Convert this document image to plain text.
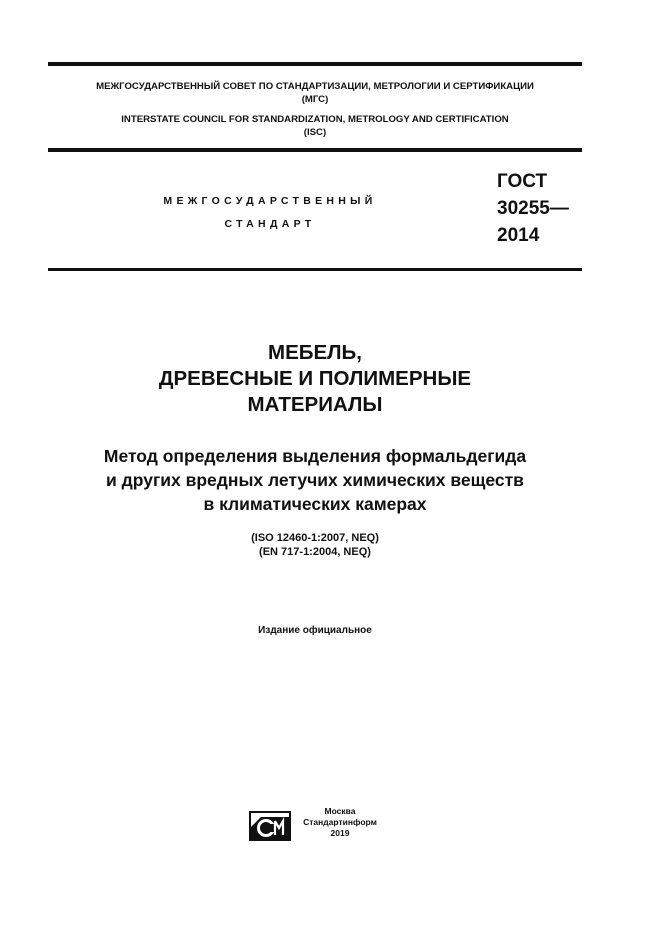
МЕЖГОСУДАРСТВЕННЫЙ СОВЕТ ПО СТАНДАРТИЗАЦИИ, МЕТРОЛОГИИ И СЕРТИФИКАЦИИ
(МГС)
INTERSTATE COUNCIL FOR STANDARDIZATION, METROLOGY AND CERTIFICATION
(ISC)
МЕЖГОСУДАРСТВЕННЫЙ
СТАНДАРТ
ГОСТ
30255—
2014
МЕБЕЛЬ,
ДРЕВЕСНЫЕ И ПОЛИМЕРНЫЕ
МАТЕРИАЛЫ
Метод определения выделения формальдегида
и других вредных летучих химических веществ
в климатических камерах
(ISO 12460-1:2007, NEQ)
(EN 717-1:2004, NEQ)
Издание официальное
Москва
Стандартинформ
2019
